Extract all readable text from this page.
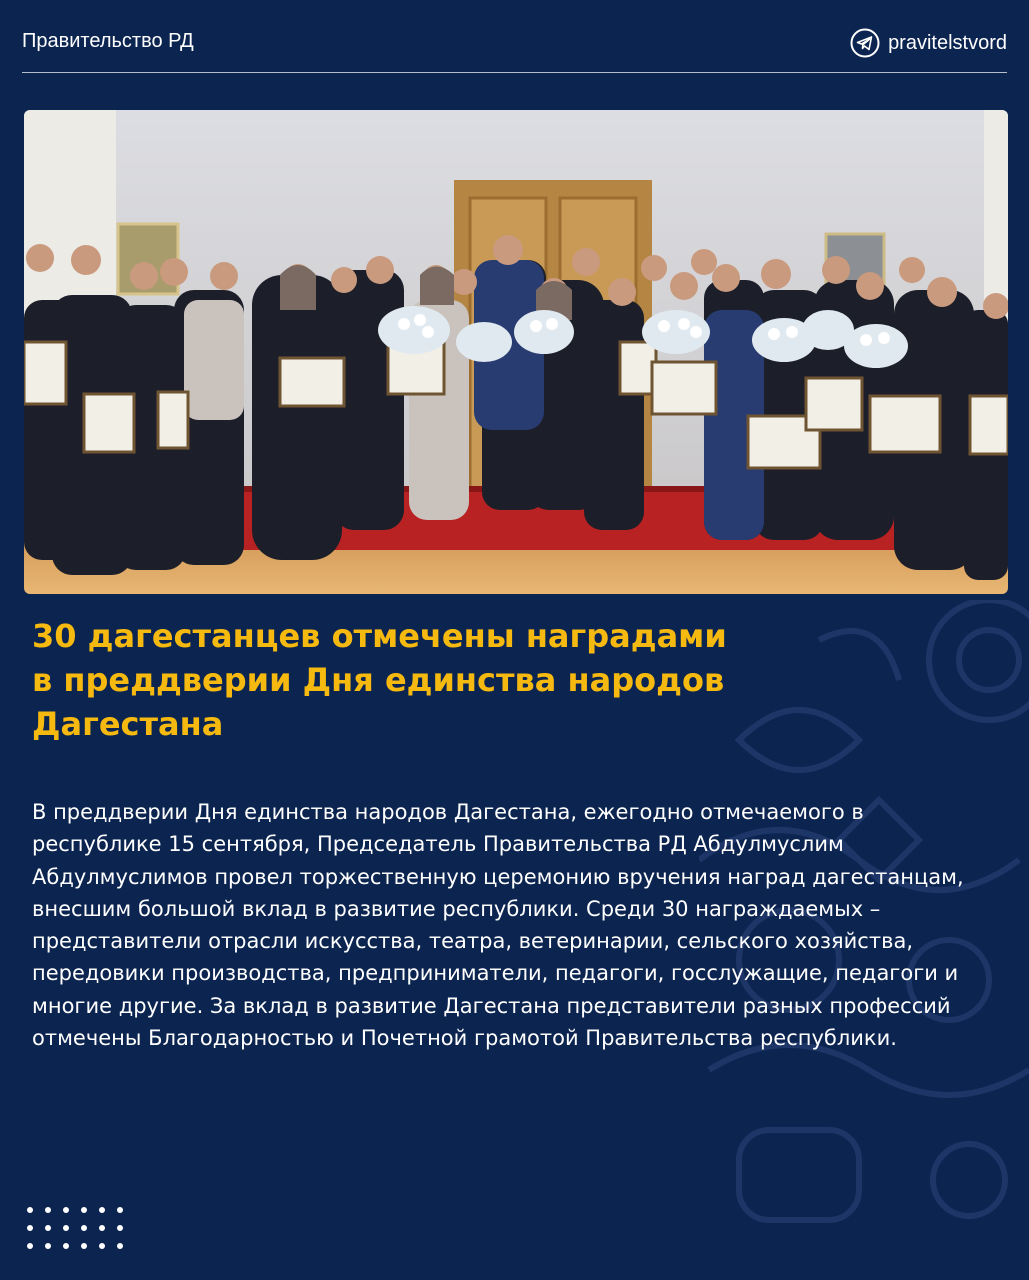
Правительство РД	pravitelstvord
30 дагестанцев отмечены наградами
в преддверии Дня единства народов
Дагестана

В преддверии Дня единства народов Дагестана, ежегодно отмечаемого в республике 15 сентября, Председатель Правительства РД Абдулмуслим Абдулмуслимов провел торжественную церемонию вручения наград дагестанцам, внесшим большой вклад в развитие республики. Среди 30 награждаемых – представители отрасли искусства, театра, ветеринарии, сельского хозяйства, передовики производства, предприниматели, педагоги, госслужащие, педагоги и многие другие. За вклад в развитие Дагестана представители разных профессий отмечены Благодарностью и Почетной грамотой Правительства республики.
